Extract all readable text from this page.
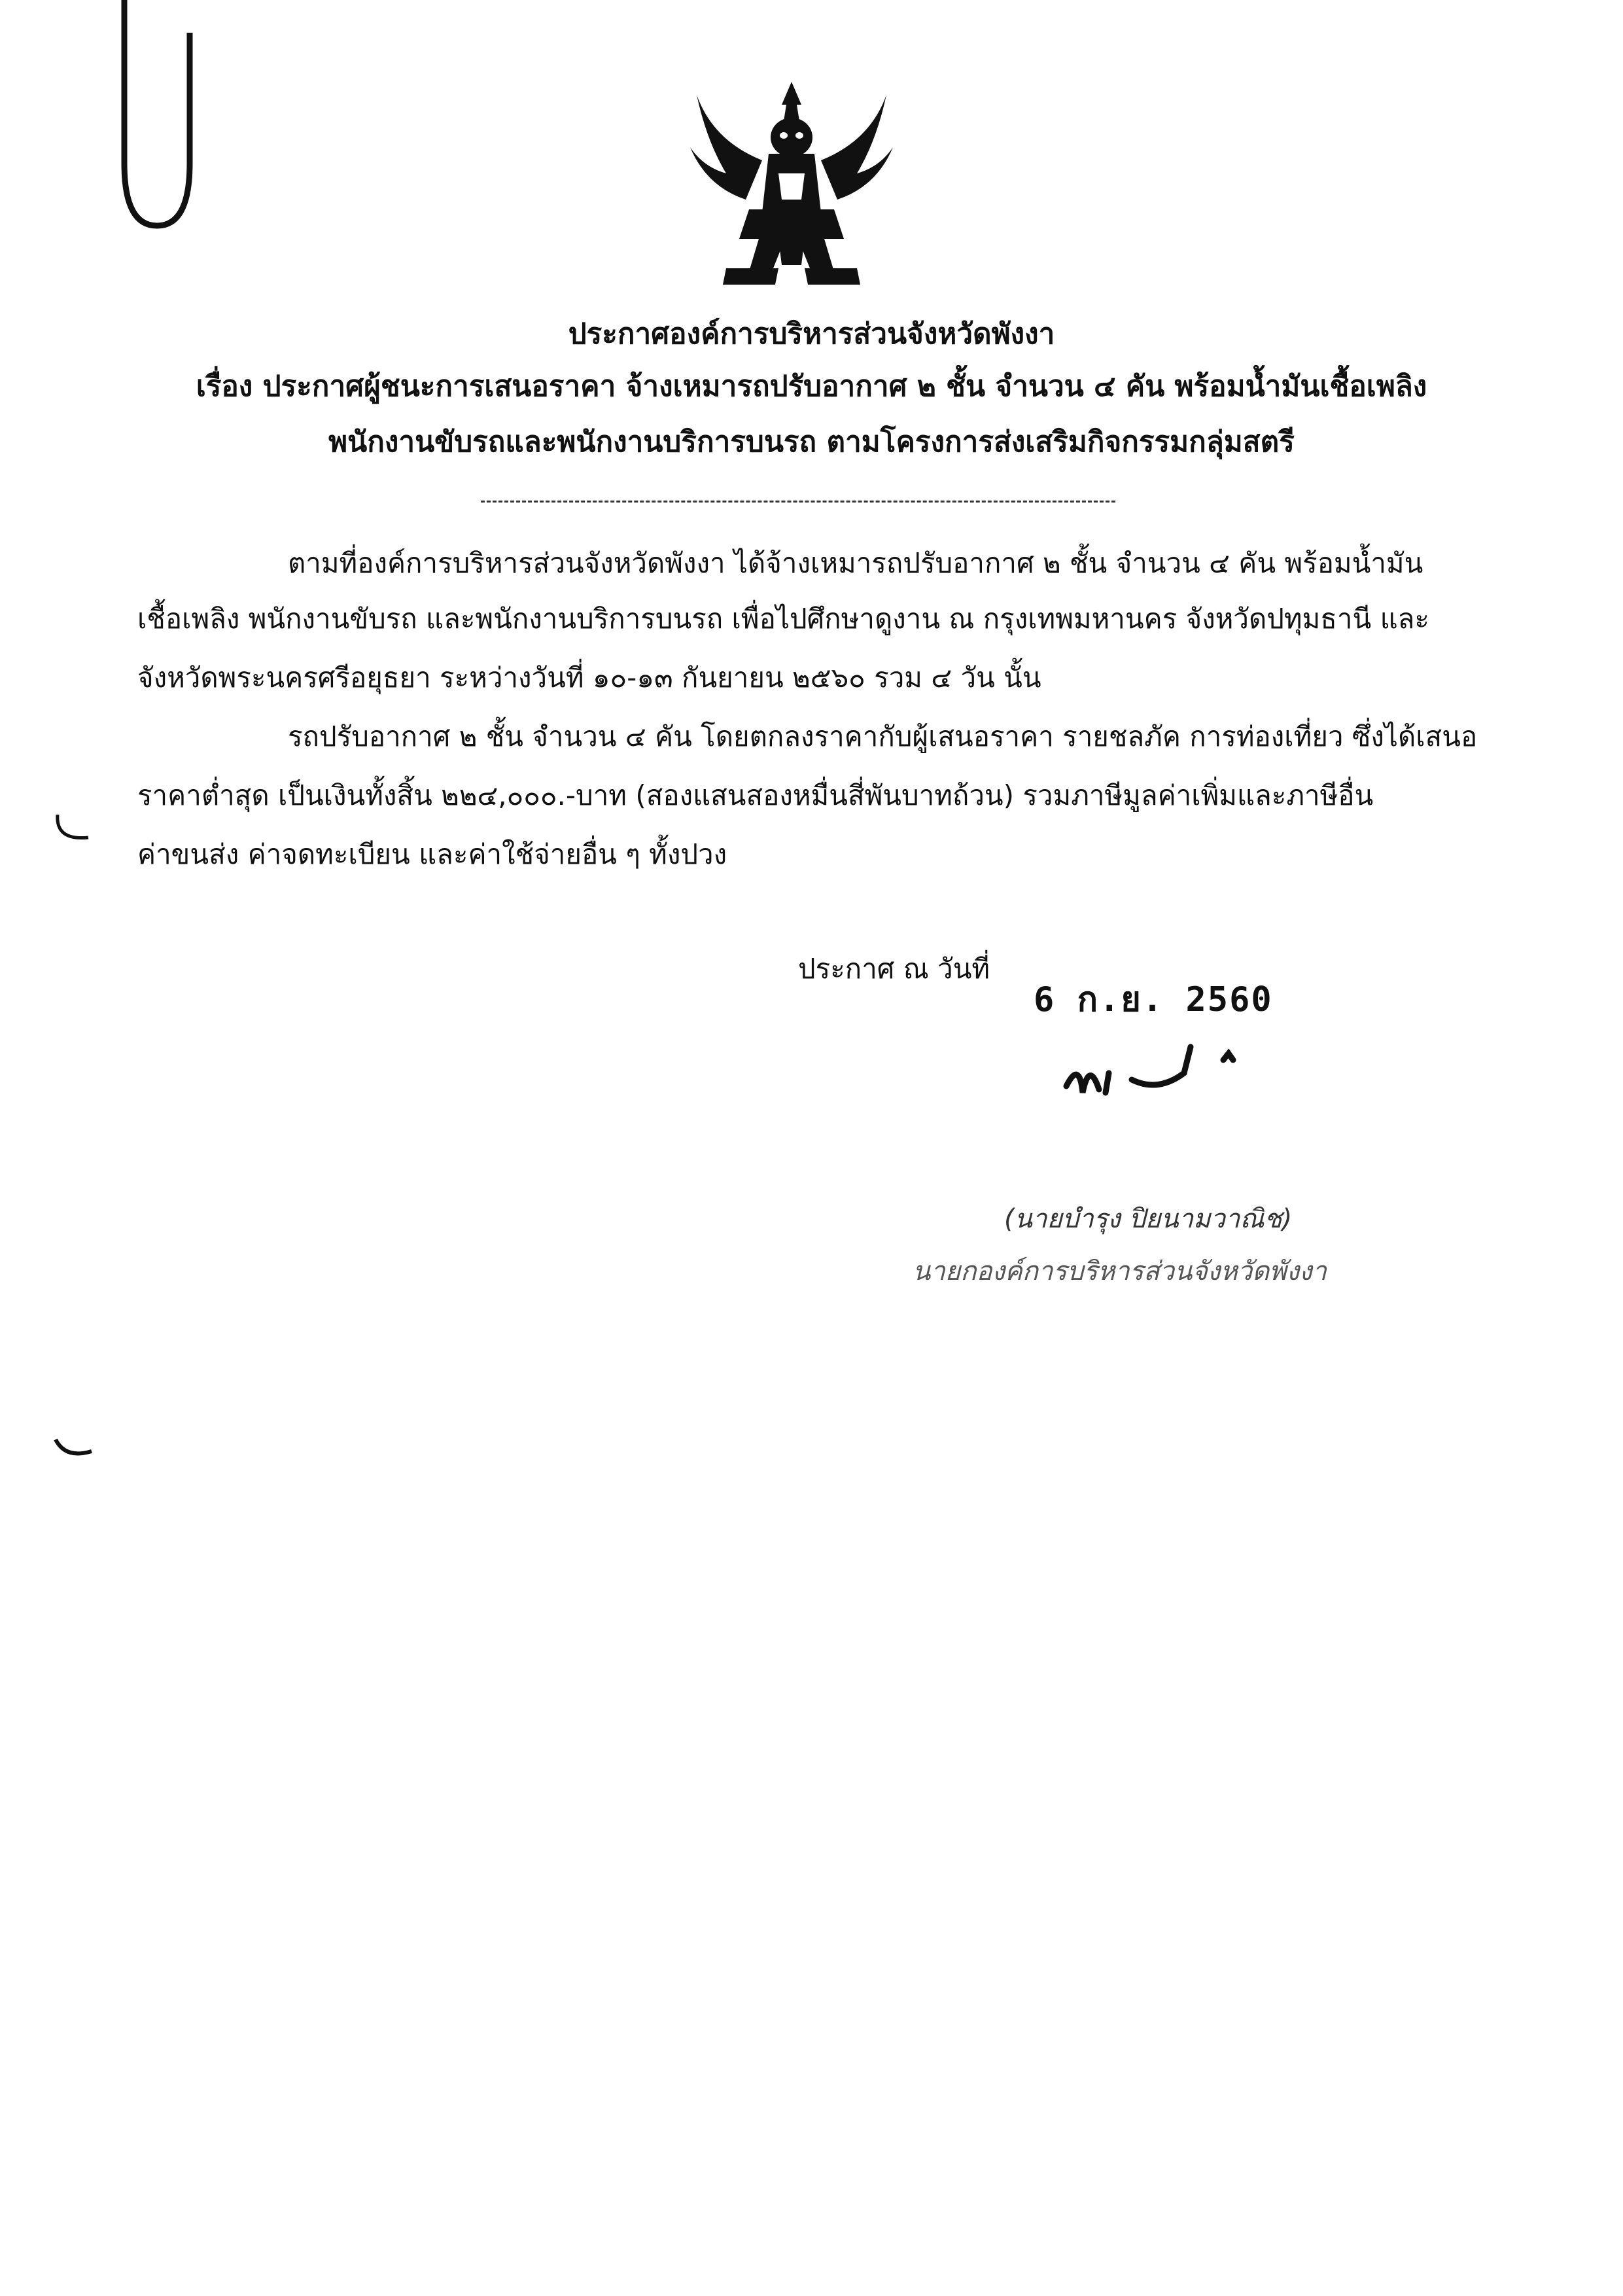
ประกาศองค์การบริหารส่วนจังหวัดพังงา
เรื่อง ประกาศผู้ชนะการเสนอราคา จ้างเหมารถปรับอากาศ ๒ ชั้น จำนวน ๔ คัน พร้อมน้ำมันเชื้อเพลิง
พนักงานขับรถและพนักงานบริการบนรถ ตามโครงการส่งเสริมกิจกรรมกลุ่มสตรี
ตามที่องค์การบริหารส่วนจังหวัดพังงา ได้จ้างเหมารถปรับอากาศ ๒ ชั้น จำนวน ๔ คัน พร้อมน้ำมัน
เชื้อเพลิง พนักงานขับรถ และพนักงานบริการบนรถ เพื่อไปศึกษาดูงาน ณ กรุงเทพมหานคร จังหวัดปทุมธานี และ
จังหวัดพระนครศรีอยุธยา ระหว่างวันที่ ๑๐-๑๓ กันยายน ๒๕๖๐ รวม ๔ วัน นั้น
รถปรับอากาศ ๒ ชั้น จำนวน ๔ คัน โดยตกลงราคากับผู้เสนอราคา รายชลภัค การท่องเที่ยว ซึ่งได้เสนอ
ราคาต่ำสุด เป็นเงินทั้งสิ้น ๒๒๔,๐๐๐.-บาท (สองแสนสองหมื่นสี่พันบาทถ้วน) รวมภาษีมูลค่าเพิ่มและภาษีอื่น
ค่าขนส่ง ค่าจดทะเบียน และค่าใช้จ่ายอื่น ๆ ทั้งปวง
ประกาศ ณ วันที่
6 ก.ย. 2560
(นายบำรุง ปิยนามวาณิช)
นายกองค์การบริหารส่วนจังหวัดพังงา
